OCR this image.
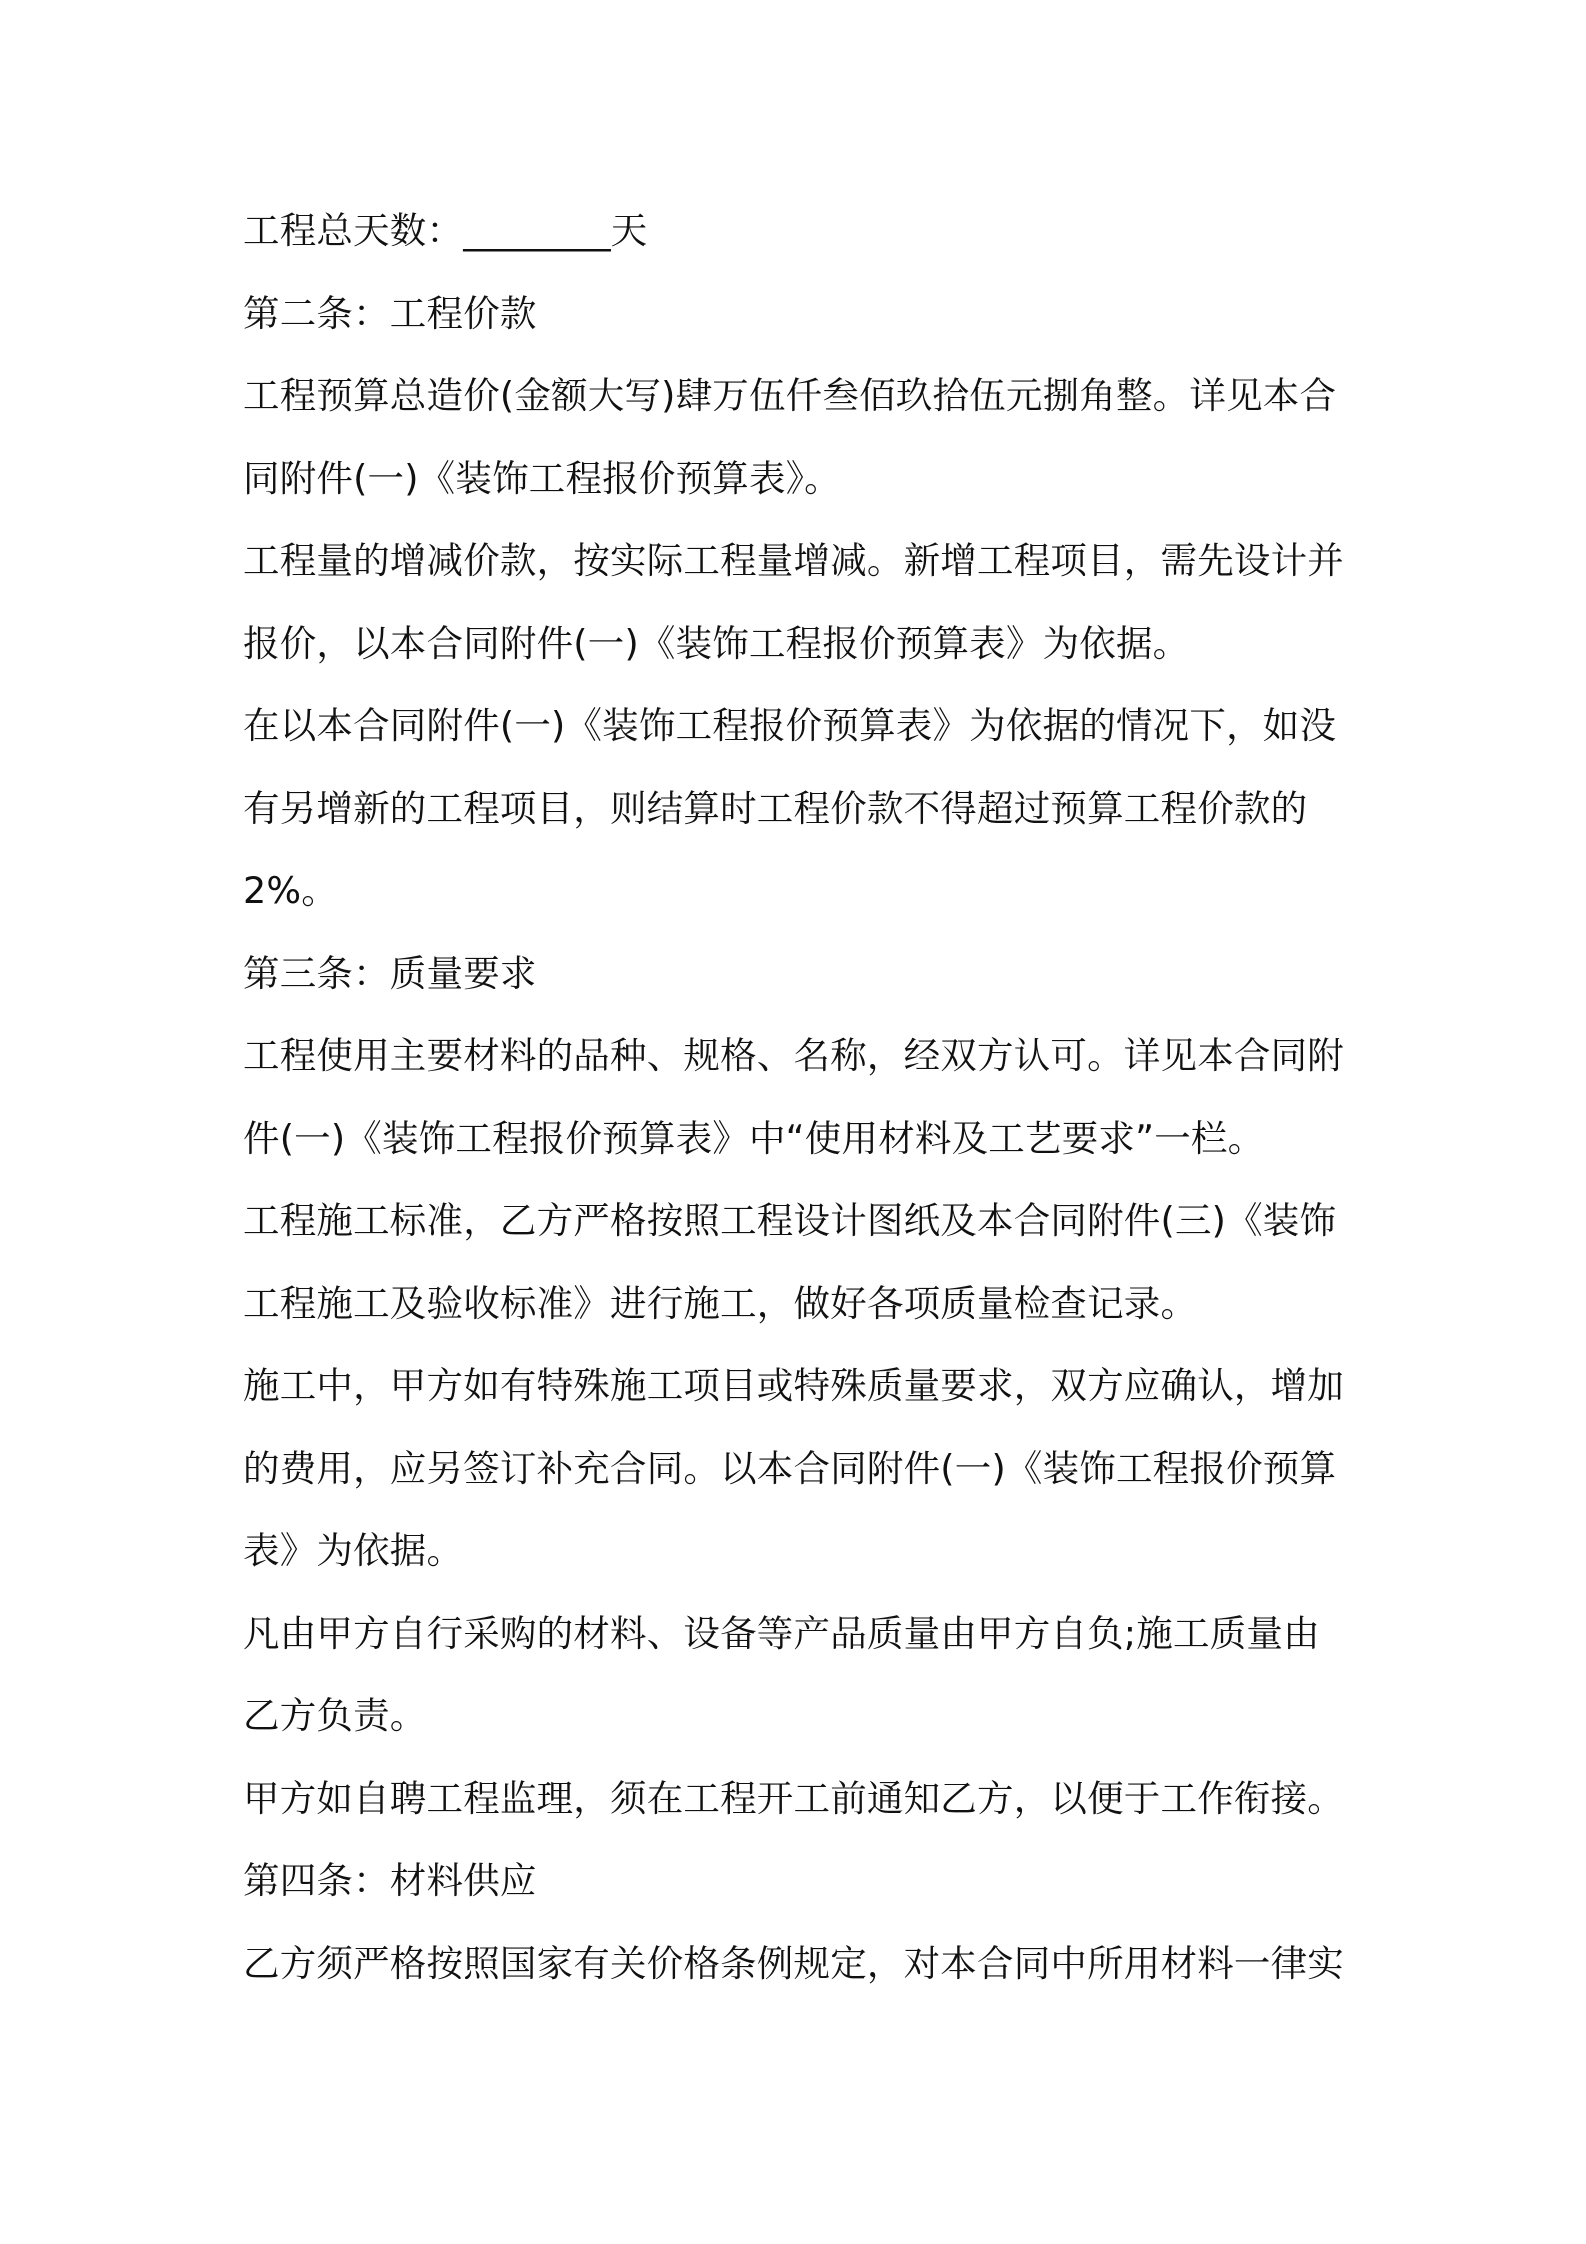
工程总天数：________天
第二条：工程价款
工程预算总造价(金额大写)肆万伍仟叁佰玖拾伍元捌角整。详见本合
同附件(一)《装饰工程报价预算表》。
工程量的增减价款，按实际工程量增减。新增工程项目，需先设计并
报价，以本合同附件(一)《装饰工程报价预算表》为依据。
在以本合同附件(一)《装饰工程报价预算表》为依据的情况下，如没
有另增新的工程项目，则结算时工程价款不得超过预算工程价款的
2%。
第三条：质量要求
工程使用主要材料的品种、规格、名称，经双方认可。详见本合同附
件(一)《装饰工程报价预算表》中“使用材料及工艺要求”一栏。
工程施工标准，乙方严格按照工程设计图纸及本合同附件(三)《装饰
工程施工及验收标准》进行施工，做好各项质量检查记录。
施工中，甲方如有特殊施工项目或特殊质量要求，双方应确认，增加
的费用，应另签订补充合同。以本合同附件(一)《装饰工程报价预算
表》为依据。
凡由甲方自行采购的材料、设备等产品质量由甲方自负;施工质量由
乙方负责。
甲方如自聘工程监理，须在工程开工前通知乙方，以便于工作衔接。
第四条：材料供应
乙方须严格按照国家有关价格条例规定，对本合同中所用材料一律实
